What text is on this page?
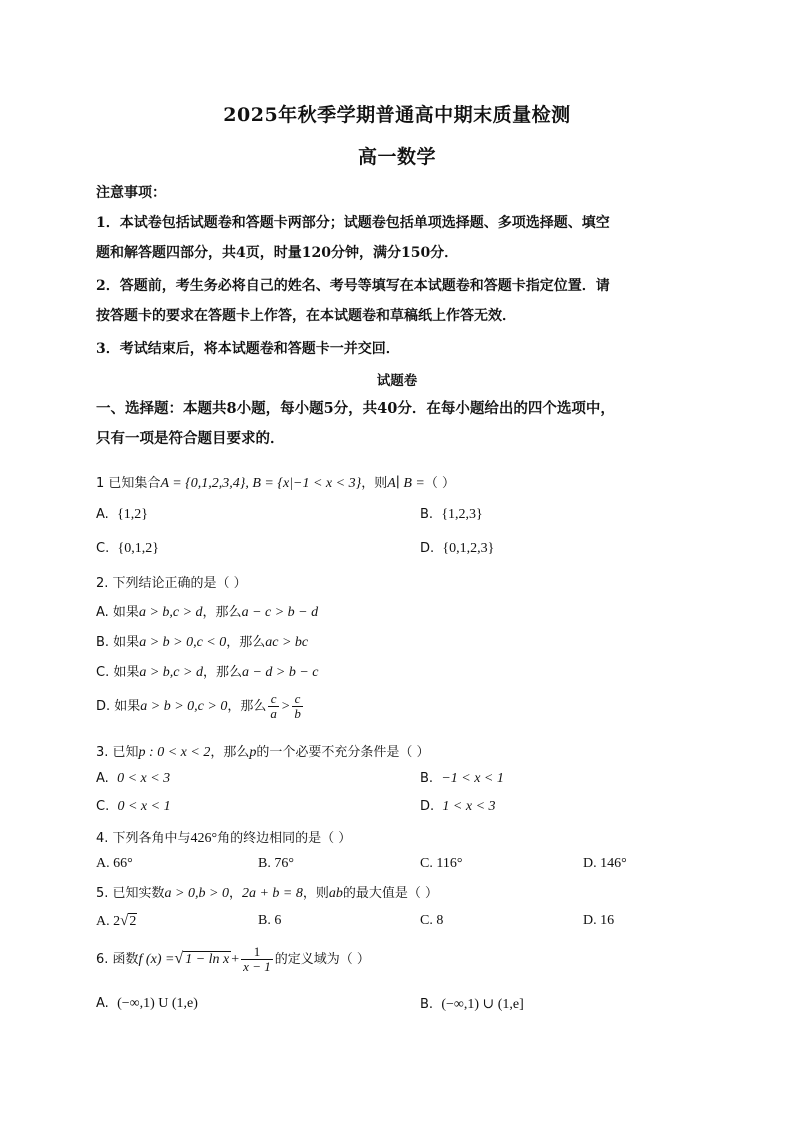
2025年秋季学期普通高中期末质量检测
高一数学
注意事项：
1．本试卷包括试题卷和答题卡两部分；试题卷包括单项选择题、多项选择题、填空
题和解答题四部分，共4页，时量120分钟，满分150分．
2．答题前，考生务必将自己的姓名、考号等填写在本试题卷和答题卡指定位置．请
按答题卡的要求在答题卡上作答，在本试题卷和草稿纸上作答无效．
3．考试结束后，将本试题卷和答题卡一并交回．
试题卷
一、选择题：本题共8小题，每小题5分，共40分．在每小题给出的四个选项中，
只有一项是符合题目要求的．
1 已知集合A = {0,1,2,3,4}, B = {x|−1 < x < 3}，则A∣ B =（ ）
A. {1,2}	B. {1,2,3}
C. {0,1,2}	D. {0,1,2,3}
2. 下列结论正确的是（ ）
A. 如果a > b,c > d，那么a − c > b − d
B. 如果a > b > 0,c < 0，那么ac > bc
C. 如果a > b,c > d，那么a − d > b − c
D. 如果a > b > 0,c > 0，那么 $\frac{c}{a} > \frac{c}{b}$
3. 已知p : 0 < x < 2，那么p的一个必要不充分条件是（ ）
A. 0 < x < 3	B. −1 < x < 1
C. 0 < x < 1	D. 1 < x < 3
4. 下列各角中与426°角的终边相同的是（ ）
A. 66°	B. 76°	C. 116°	D. 146°
5. 已知实数a > 0,b > 0，2a + b = 8，则ab的最大值是（ ）
A. 2√2	B. 6	C. 8	D. 16
6. 函数f (x) =√ $1 - \ln x + \frac{1}{x - 1}$ 的定义域为（ ）
A. (−∞,1) U (1,e)	B. (−∞,1) ∪ (1,e]
